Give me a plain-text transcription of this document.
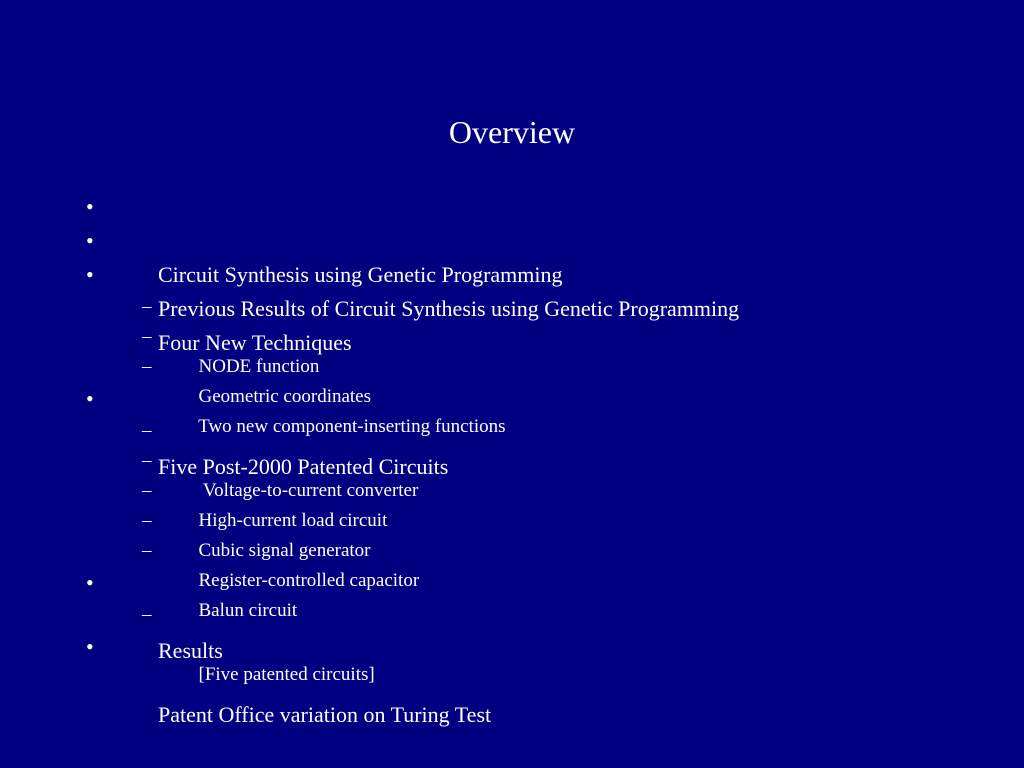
Overview

•

Circuit Synthesis using Genetic Programming

•

Previous Results of Circuit Synthesis using Genetic Programming

•

Four New Techniques

–

NODE function

–

Geometric coordinates

–

Two new component-inserting functions

•

Five Post-2000 Patented Circuits

–

Voltage-to-current converter

–

High-current load circuit

–

Cubic signal generator

–

Register-controlled capacitor

–

Balun circuit

•

Results

–

[Five patented circuits]

•

Patent Office variation on Turing Test
